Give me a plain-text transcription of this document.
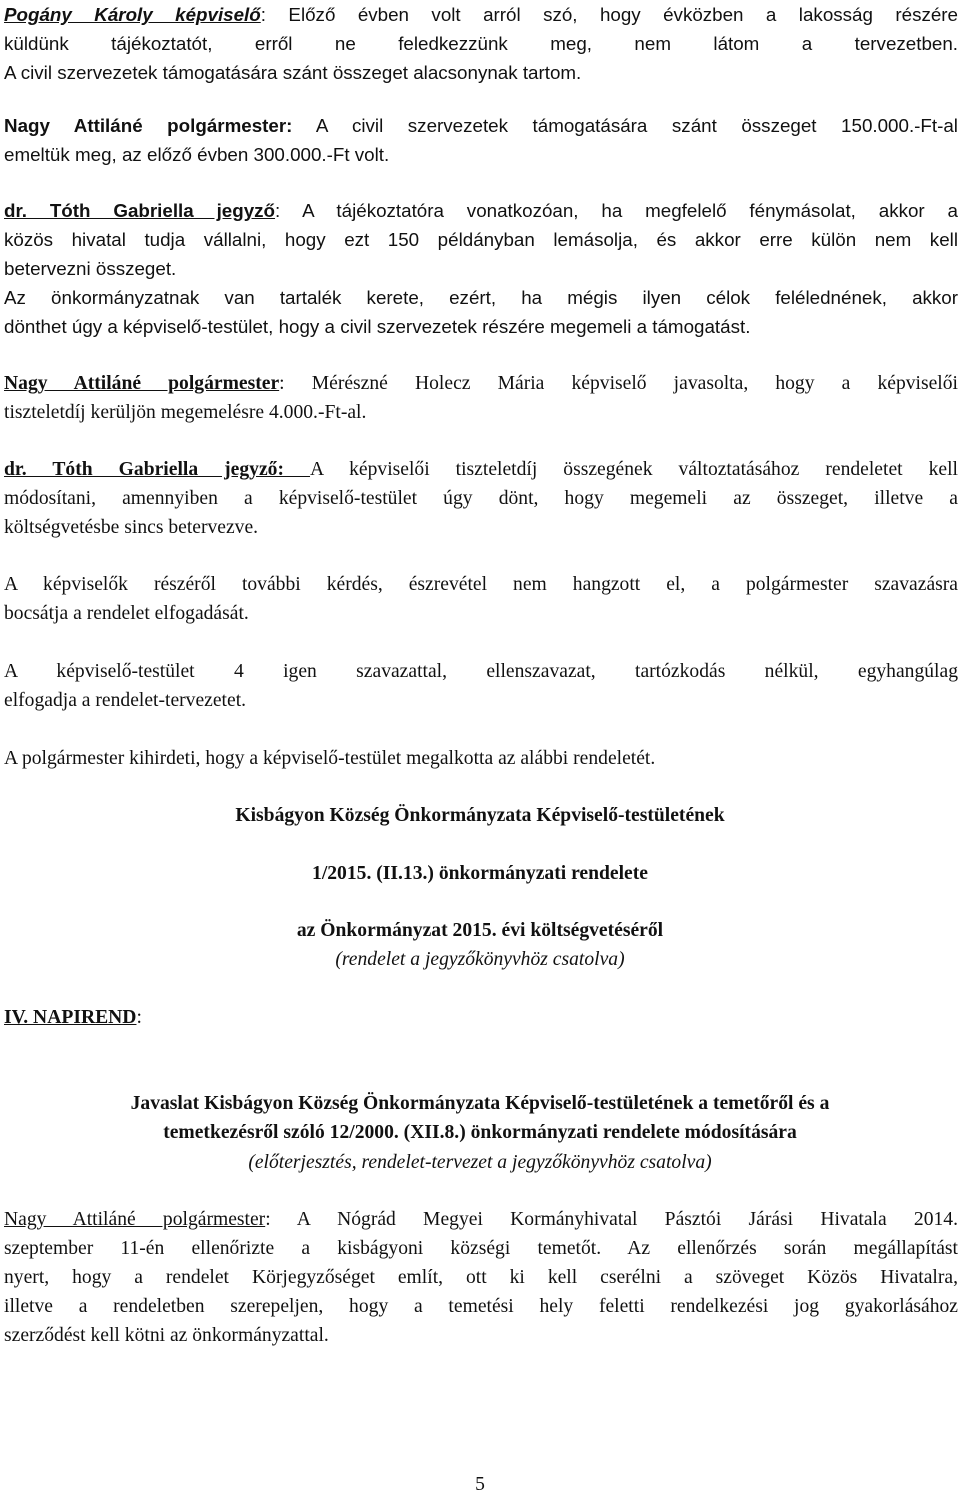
Pogány Károly képviselő: Előző évben volt arról szó, hogy évközben a lakosság részére
küldünk tájékoztatót, erről ne feledkezzünk meg, nem látom a tervezetben.
A civil szervezetek támogatására szánt összeget alacsonynak tartom.
Nagy Attiláné polgármester: A civil szervezetek támogatására szánt összeget 150.000.-Ft-al
emeltük meg, az előző évben 300.000.-Ft volt.
dr. Tóth Gabriella jegyző: A tájékoztatóra vonatkozóan, ha megfelelő fénymásolat, akkor a
közös hivatal tudja vállalni, hogy ezt 150 példányban lemásolja, és akkor erre külön nem kell
betervezni összeget.
Az önkormányzatnak van tartalék kerete, ezért, ha mégis ilyen célok felélednének, akkor
dönthet úgy a képviselő-testület, hogy a civil szervezetek részére megemeli a támogatást.
Nagy Attiláné polgármester: Mérészné Holecz Mária képviselő javasolta, hogy a képviselői
tiszteletdíj kerüljön megemelésre 4.000.-Ft-al.
dr. Tóth Gabriella jegyző: A képviselői tiszteletdíj összegének változtatásához rendeletet kell
módosítani, amennyiben a képviselő-testület úgy dönt, hogy megemeli az összeget, illetve a
költségvetésbe sincs betervezve.
A képviselők részéről további kérdés, észrevétel nem hangzott el, a polgármester szavazásra
bocsátja a rendelet elfogadását.
A képviselő-testület 4 igen szavazattal, ellenszavazat, tartózkodás nélkül, egyhangúlag
elfogadja a rendelet-tervezetet.
A polgármester kihirdeti, hogy a képviselő-testület megalkotta az alábbi rendeletét.
Kisbágyon Község Önkormányzata Képviselő-testületének
1/2015. (II.13.) önkormányzati rendelete
az Önkormányzat 2015. évi költségvetéséről
(rendelet a jegyzőkönyvhöz csatolva)
IV. NAPIREND:
Javaslat Kisbágyon Község Önkormányzata Képviselő-testületének a temetőről és a
temetkezésről szóló 12/2000. (XII.8.) önkormányzati rendelete módosítására
(előterjesztés, rendelet-tervezet a jegyzőkönyvhöz csatolva)
Nagy Attiláné polgármester: A Nógrád Megyei Kormányhivatal Pásztói Járási Hivatala 2014.
szeptember 11-én ellenőrizte a kisbágyoni községi temetőt. Az ellenőrzés során megállapítást
nyert, hogy a rendelet Körjegyzőséget említ, ott ki kell cserélni a szöveget Közös Hivatalra,
illetve a rendeletben szerepeljen, hogy a temetési hely feletti rendelkezési jog gyakorlásához
szerződést kell kötni az önkormányzattal.
5
